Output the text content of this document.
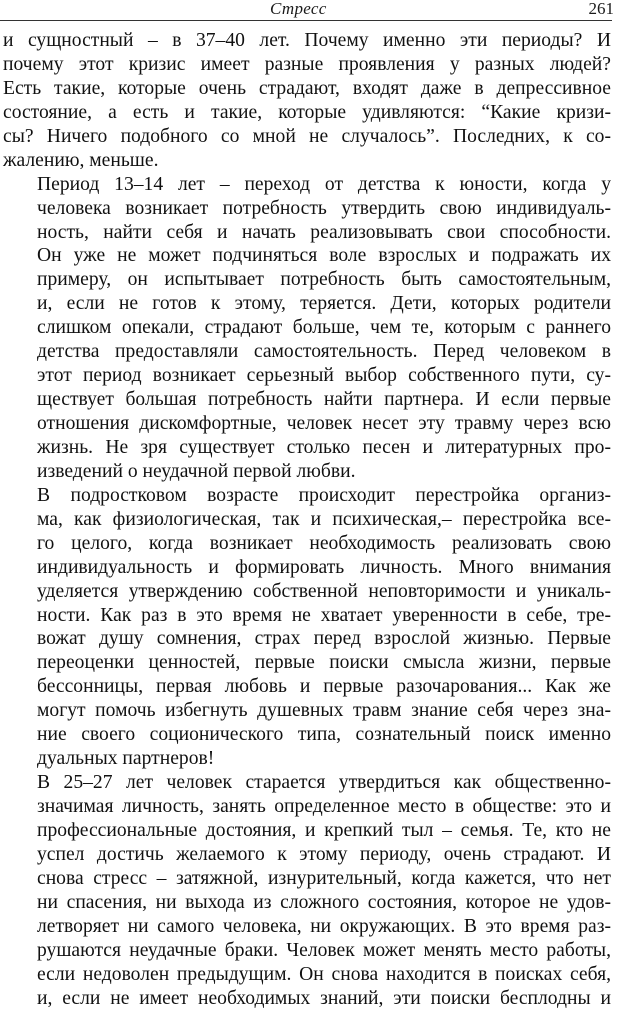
Стресс	261

и сущностный – в 37–40 лет. Почему именно эти периоды? И
почему этот кризис имеет разные проявления у разных людей?
Есть такие, которые очень страдают, входят даже в депрессивное
состояние, а есть и такие, которые удивляются: “Какие кризи-
сы? Ничего подобного со мной не случалось”. Последних, к со-
жалению, меньше.

Период 13–14 лет – переход от детства к юности, когда у
человека возникает потребность утвердить свою индивидуаль-
ность, найти себя и начать реализовывать свои способности.
Он уже не может подчиняться воле взрослых и подражать их
примеру, он испытывает потребность быть самостоятельным,
и, если не готов к этому, теряется. Дети, которых родители
слишком опекали, страдают больше, чем те, которым с раннего
детства предоставляли самостоятельность. Перед человеком в
этот период возникает серьезный выбор собственного пути, су-
ществует большая потребность найти партнера. И если первые
отношения дискомфортные, человек несет эту травму через всю
жизнь. Не зря существует столько песен и литературных про-
изведений о неудачной первой любви.

В подростковом возрасте происходит перестройка организ-
ма, как физиологическая, так и психическая,– перестройка все-
го целого, когда возникает необходимость реализовать свою
индивидуальность и формировать личность. Много внимания
уделяется утверждению собственной неповторимости и уникаль-
ности. Как раз в это время не хватает уверенности в себе, тре-
вожат душу сомнения, страх перед взрослой жизнью. Первые
переоценки ценностей, первые поиски смысла жизни, первые
бессонницы, первая любовь и первые разочарования... Как же
могут помочь избегнуть душевных травм знание себя через зна-
ние своего соционического типа, сознательный поиск именно
дуальных партнеров!

В 25–27 лет человек старается утвердиться как общественно-
значимая личность, занять определенное место в обществе: это и
профессиональные достояния, и крепкий тыл – семья. Те, кто не
успел достичь желаемого к этому периоду, очень страдают. И
снова стресс – затяжной, изнурительный, когда кажется, что нет
ни спасения, ни выхода из сложного состояния, которое не удов-
летворяет ни самого человека, ни окружающих. В это время раз-
рушаются неудачные браки. Человек может менять место работы,
если недоволен предыдущим. Он снова находится в поисках себя,
и, если не имеет необходимых знаний, эти поиски бесплодны и
